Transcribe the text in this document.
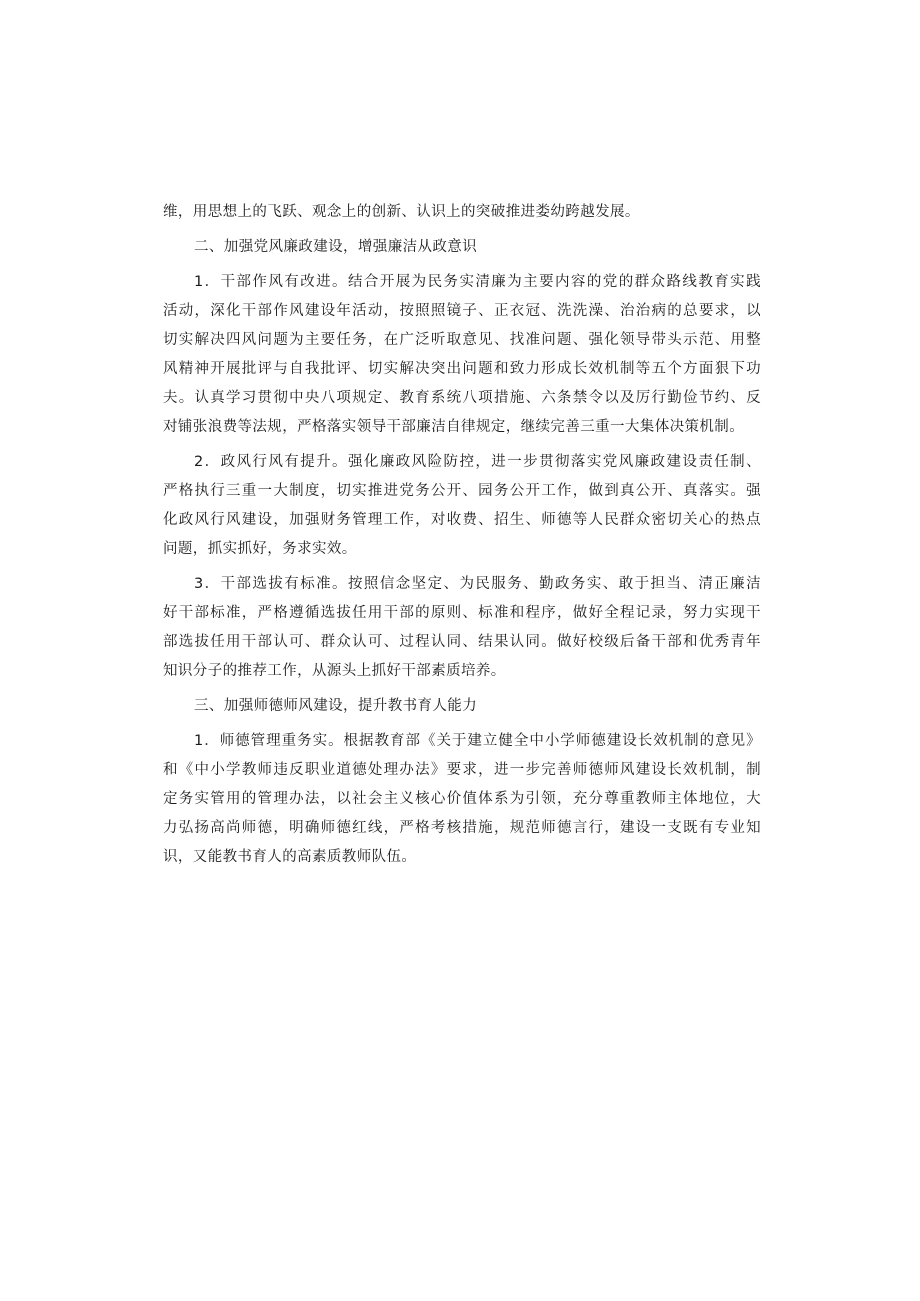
维，用思想上的飞跃、观念上的创新、认识上的突破推进娄幼跨越发展。
二、加强党风廉政建设，增强廉洁从政意识
1．干部作风有改进。结合开展为民务实清廉为主要内容的党的群众路线教育实践
活动，深化干部作风建设年活动，按照照镜子、正衣冠、洗洗澡、治治病的总要求，以
切实解决四风问题为主要任务，在广泛听取意见、找准问题、强化领导带头示范、用整
风精神开展批评与自我批评、切实解决突出问题和致力形成长效机制等五个方面狠下功
夫。认真学习贯彻中央八项规定、教育系统八项措施、六条禁令以及厉行勤俭节约、反
对铺张浪费等法规，严格落实领导干部廉洁自律规定，继续完善三重一大集体决策机制。
2．政风行风有提升。强化廉政风险防控，进一步贯彻落实党风廉政建设责任制、
严格执行三重一大制度，切实推进党务公开、园务公开工作，做到真公开、真落实。强
化政风行风建设，加强财务管理工作，对收费、招生、师德等人民群众密切关心的热点
问题，抓实抓好，务求实效。
3．干部选拔有标准。按照信念坚定、为民服务、勤政务实、敢于担当、清正廉洁
好干部标准，严格遵循选拔任用干部的原则、标准和程序，做好全程记录，努力实现干
部选拔任用干部认可、群众认可、过程认同、结果认同。做好校级后备干部和优秀青年
知识分子的推荐工作，从源头上抓好干部素质培养。
三、加强师德师风建设，提升教书育人能力
1．师德管理重务实。根据教育部《关于建立健全中小学师德建设长效机制的意见》
和《中小学教师违反职业道德处理办法》要求，进一步完善师德师风建设长效机制，制
定务实管用的管理办法，以社会主义核心价值体系为引领，充分尊重教师主体地位，大
力弘扬高尚师德，明确师德红线，严格考核措施，规范师德言行，建设一支既有专业知
识，又能教书育人的高素质教师队伍。
